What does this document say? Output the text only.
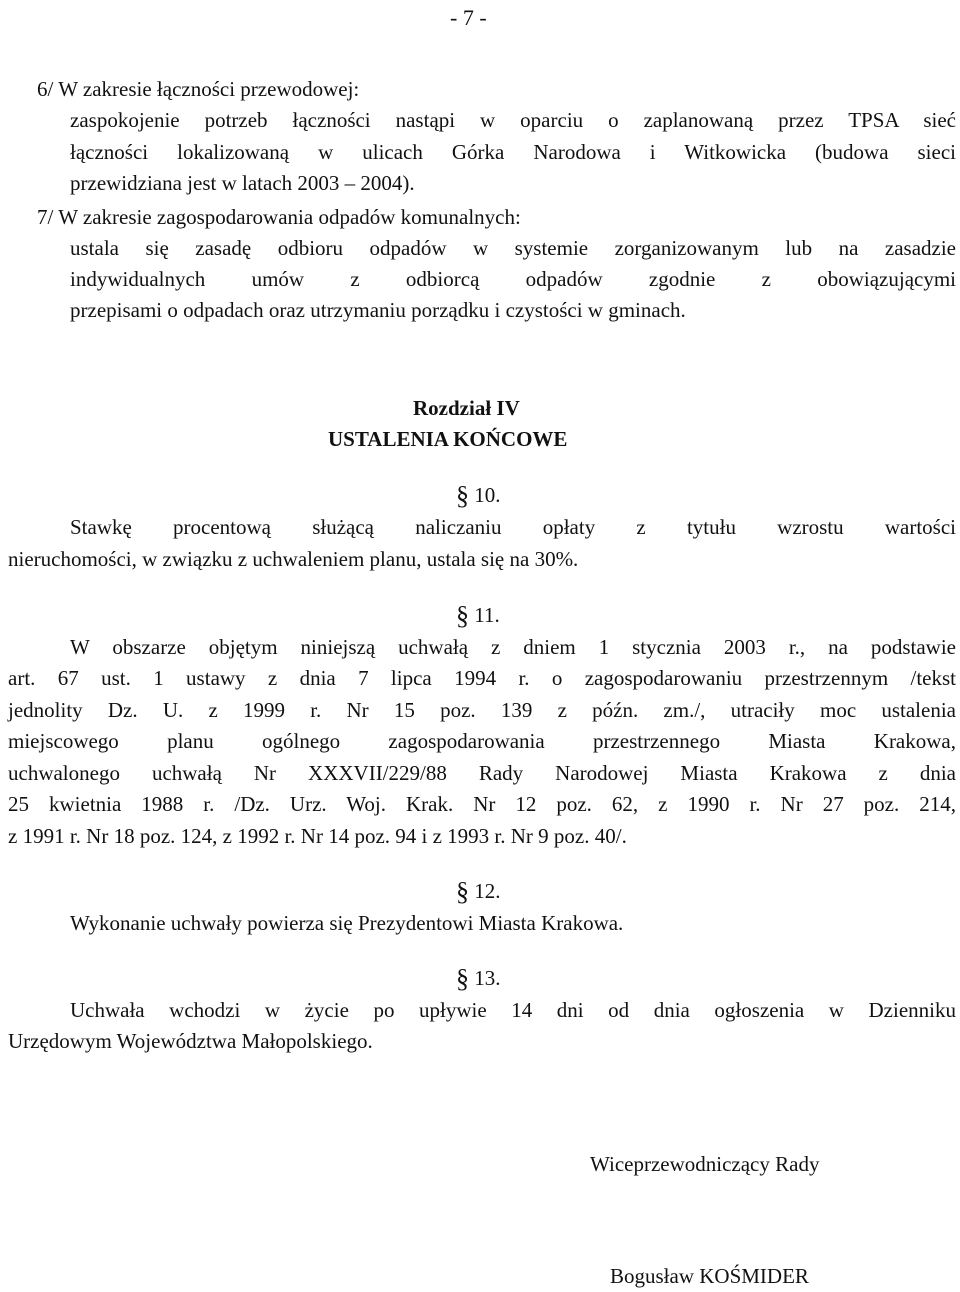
- 7 -
6/ W zakresie łączności przewodowej:
zaspokojenie potrzeb łączności nastąpi w oparciu o zaplanowaną przez TPSA sieć
łączności lokalizowaną w ulicach Górka Narodowa i Witkowicka (budowa sieci
przewidziana jest w latach 2003 – 2004).
7/ W zakresie zagospodarowania odpadów komunalnych:
ustala się zasadę odbioru odpadów w systemie zorganizowanym lub na zasadzie
indywidualnych umów z odbiorcą odpadów zgodnie z obowiązującymi
przepisami o odpadach oraz utrzymaniu porządku i czystości w gminach.
Rozdział IV
USTALENIA KOŃCOWE
§ 10.
Stawkę procentową służącą naliczaniu opłaty z tytułu wzrostu wartości
nieruchomości, w związku z uchwaleniem planu, ustala się na 30%.
§ 11.
W obszarze objętym niniejszą uchwałą z dniem 1 stycznia 2003 r., na podstawie
art. 67 ust. 1 ustawy z dnia 7 lipca 1994 r. o zagospodarowaniu przestrzennym /tekst
jednolity Dz. U. z 1999 r. Nr 15 poz. 139 z późn. zm./, utraciły moc ustalenia
miejscowego planu ogólnego zagospodarowania przestrzennego Miasta Krakowa,
uchwalonego uchwałą Nr XXXVII/229/88 Rady Narodowej Miasta Krakowa z dnia
25 kwietnia 1988 r. /Dz. Urz. Woj. Krak. Nr 12 poz. 62, z 1990 r. Nr 27 poz. 214,
z 1991 r. Nr 18 poz. 124, z 1992 r. Nr 14 poz. 94 i z 1993 r. Nr 9 poz. 40/.
§ 12.
Wykonanie uchwały powierza się Prezydentowi Miasta Krakowa.
§ 13.
Uchwała wchodzi w życie po upływie 14 dni od dnia ogłoszenia w Dzienniku
Urzędowym Województwa Małopolskiego.
Wiceprzewodniczący Rady
Bogusław KOŚMIDER
